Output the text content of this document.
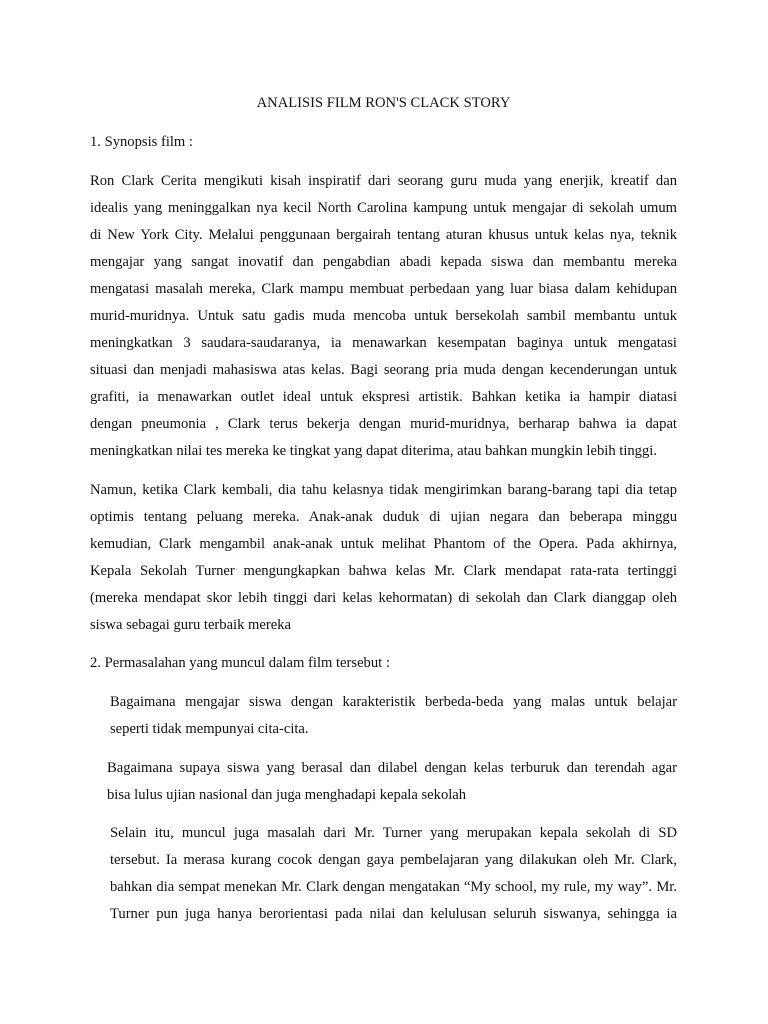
ANALISIS FILM RON'S CLACK STORY
1. Synopsis film :

Ron Clark Cerita mengikuti kisah inspiratif dari seorang guru muda yang enerjik, kreatif dan
idealis yang meninggalkan nya kecil North Carolina kampung untuk mengajar di sekolah umum
di New York City. Melalui penggunaan bergairah tentang aturan khusus untuk kelas nya, teknik
mengajar yang sangat inovatif dan pengabdian abadi kepada siswa dan membantu mereka
mengatasi masalah mereka, Clark mampu membuat perbedaan yang luar biasa dalam kehidupan
murid-muridnya. Untuk satu gadis muda mencoba untuk bersekolah sambil membantu untuk
meningkatkan 3 saudara-saudaranya, ia menawarkan kesempatan baginya untuk mengatasi
situasi dan menjadi mahasiswa atas kelas. Bagi seorang pria muda dengan kecenderungan untuk
grafiti, ia menawarkan outlet ideal untuk ekspresi artistik. Bahkan ketika ia hampir diatasi
dengan pneumonia , Clark terus bekerja dengan murid-muridnya, berharap bahwa ia dapat
meningkatkan nilai tes mereka ke tingkat yang dapat diterima, atau bahkan mungkin lebih tinggi.

Namun, ketika Clark kembali, dia tahu kelasnya tidak mengirimkan barang-barang tapi dia tetap
optimis tentang peluang mereka. Anak-anak duduk di ujian negara dan beberapa minggu
kemudian, Clark mengambil anak-anak untuk melihat Phantom of the Opera. Pada akhirnya,
Kepala Sekolah Turner mengungkapkan bahwa kelas Mr. Clark mendapat rata-rata tertinggi
(mereka mendapat skor lebih tinggi dari kelas kehormatan) di sekolah dan Clark dianggap oleh
siswa sebagai guru terbaik mereka

2. Permasalahan yang muncul dalam film tersebut :

Bagaimana mengajar siswa dengan karakteristik berbeda-beda yang malas untuk belajar
seperti tidak mempunyai cita-cita.

Bagaimana supaya siswa yang berasal dan dilabel dengan kelas terburuk dan terendah agar
bisa lulus ujian nasional dan juga menghadapi kepala sekolah

Selain itu, muncul juga masalah dari Mr. Turner yang merupakan kepala sekolah di SD
tersebut. Ia merasa kurang cocok dengan gaya pembelajaran yang dilakukan oleh Mr. Clark,
bahkan dia sempat menekan Mr. Clark dengan mengatakan “My school, my rule, my way”. Mr.
Turner pun juga hanya berorientasi pada nilai dan kelulusan seluruh siswanya, sehingga ia
